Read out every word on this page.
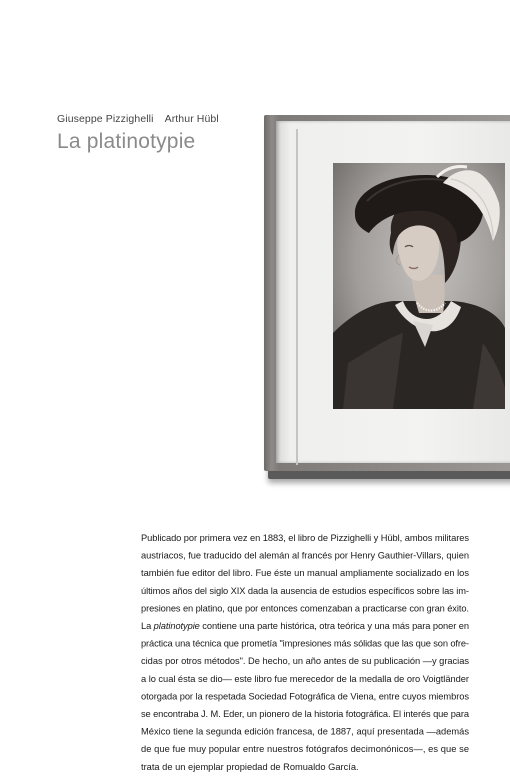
Giuseppe Pizzighelli Arthur Hübl
La platinotypie
Publicado por primera vez en 1883, el libro de Pizzighelli y Hübl, ambos militares
austriacos, fue traducido del alemán al francés por Henry Gauthier-Villars, quien
también fue editor del libro. Fue éste un manual ampliamente socializado en los
últimos años del siglo XIX dada la ausencia de estudios específicos sobre las im-
presiones en platino, que por entonces comenzaban a practicarse con gran éxito.
La platinotypie contiene una parte histórica, otra teórica y una más para poner en
práctica una técnica que prometía "impresiones más sólidas que las que son ofre-
cidas por otros métodos". De hecho, un año antes de su publicación —y gracias
a lo cual ésta se dio— este libro fue merecedor de la medalla de oro Voigtländer
otorgada por la respetada Sociedad Fotográfica de Viena, entre cuyos miembros
se encontraba J. M. Eder, un pionero de la historia fotográfica. El interés que para
México tiene la segunda edición francesa, de 1887, aquí presentada —además
de que fue muy popular entre nuestros fotógrafos decimonónicos—, es que se
trata de un ejemplar propiedad de Romualdo García.
